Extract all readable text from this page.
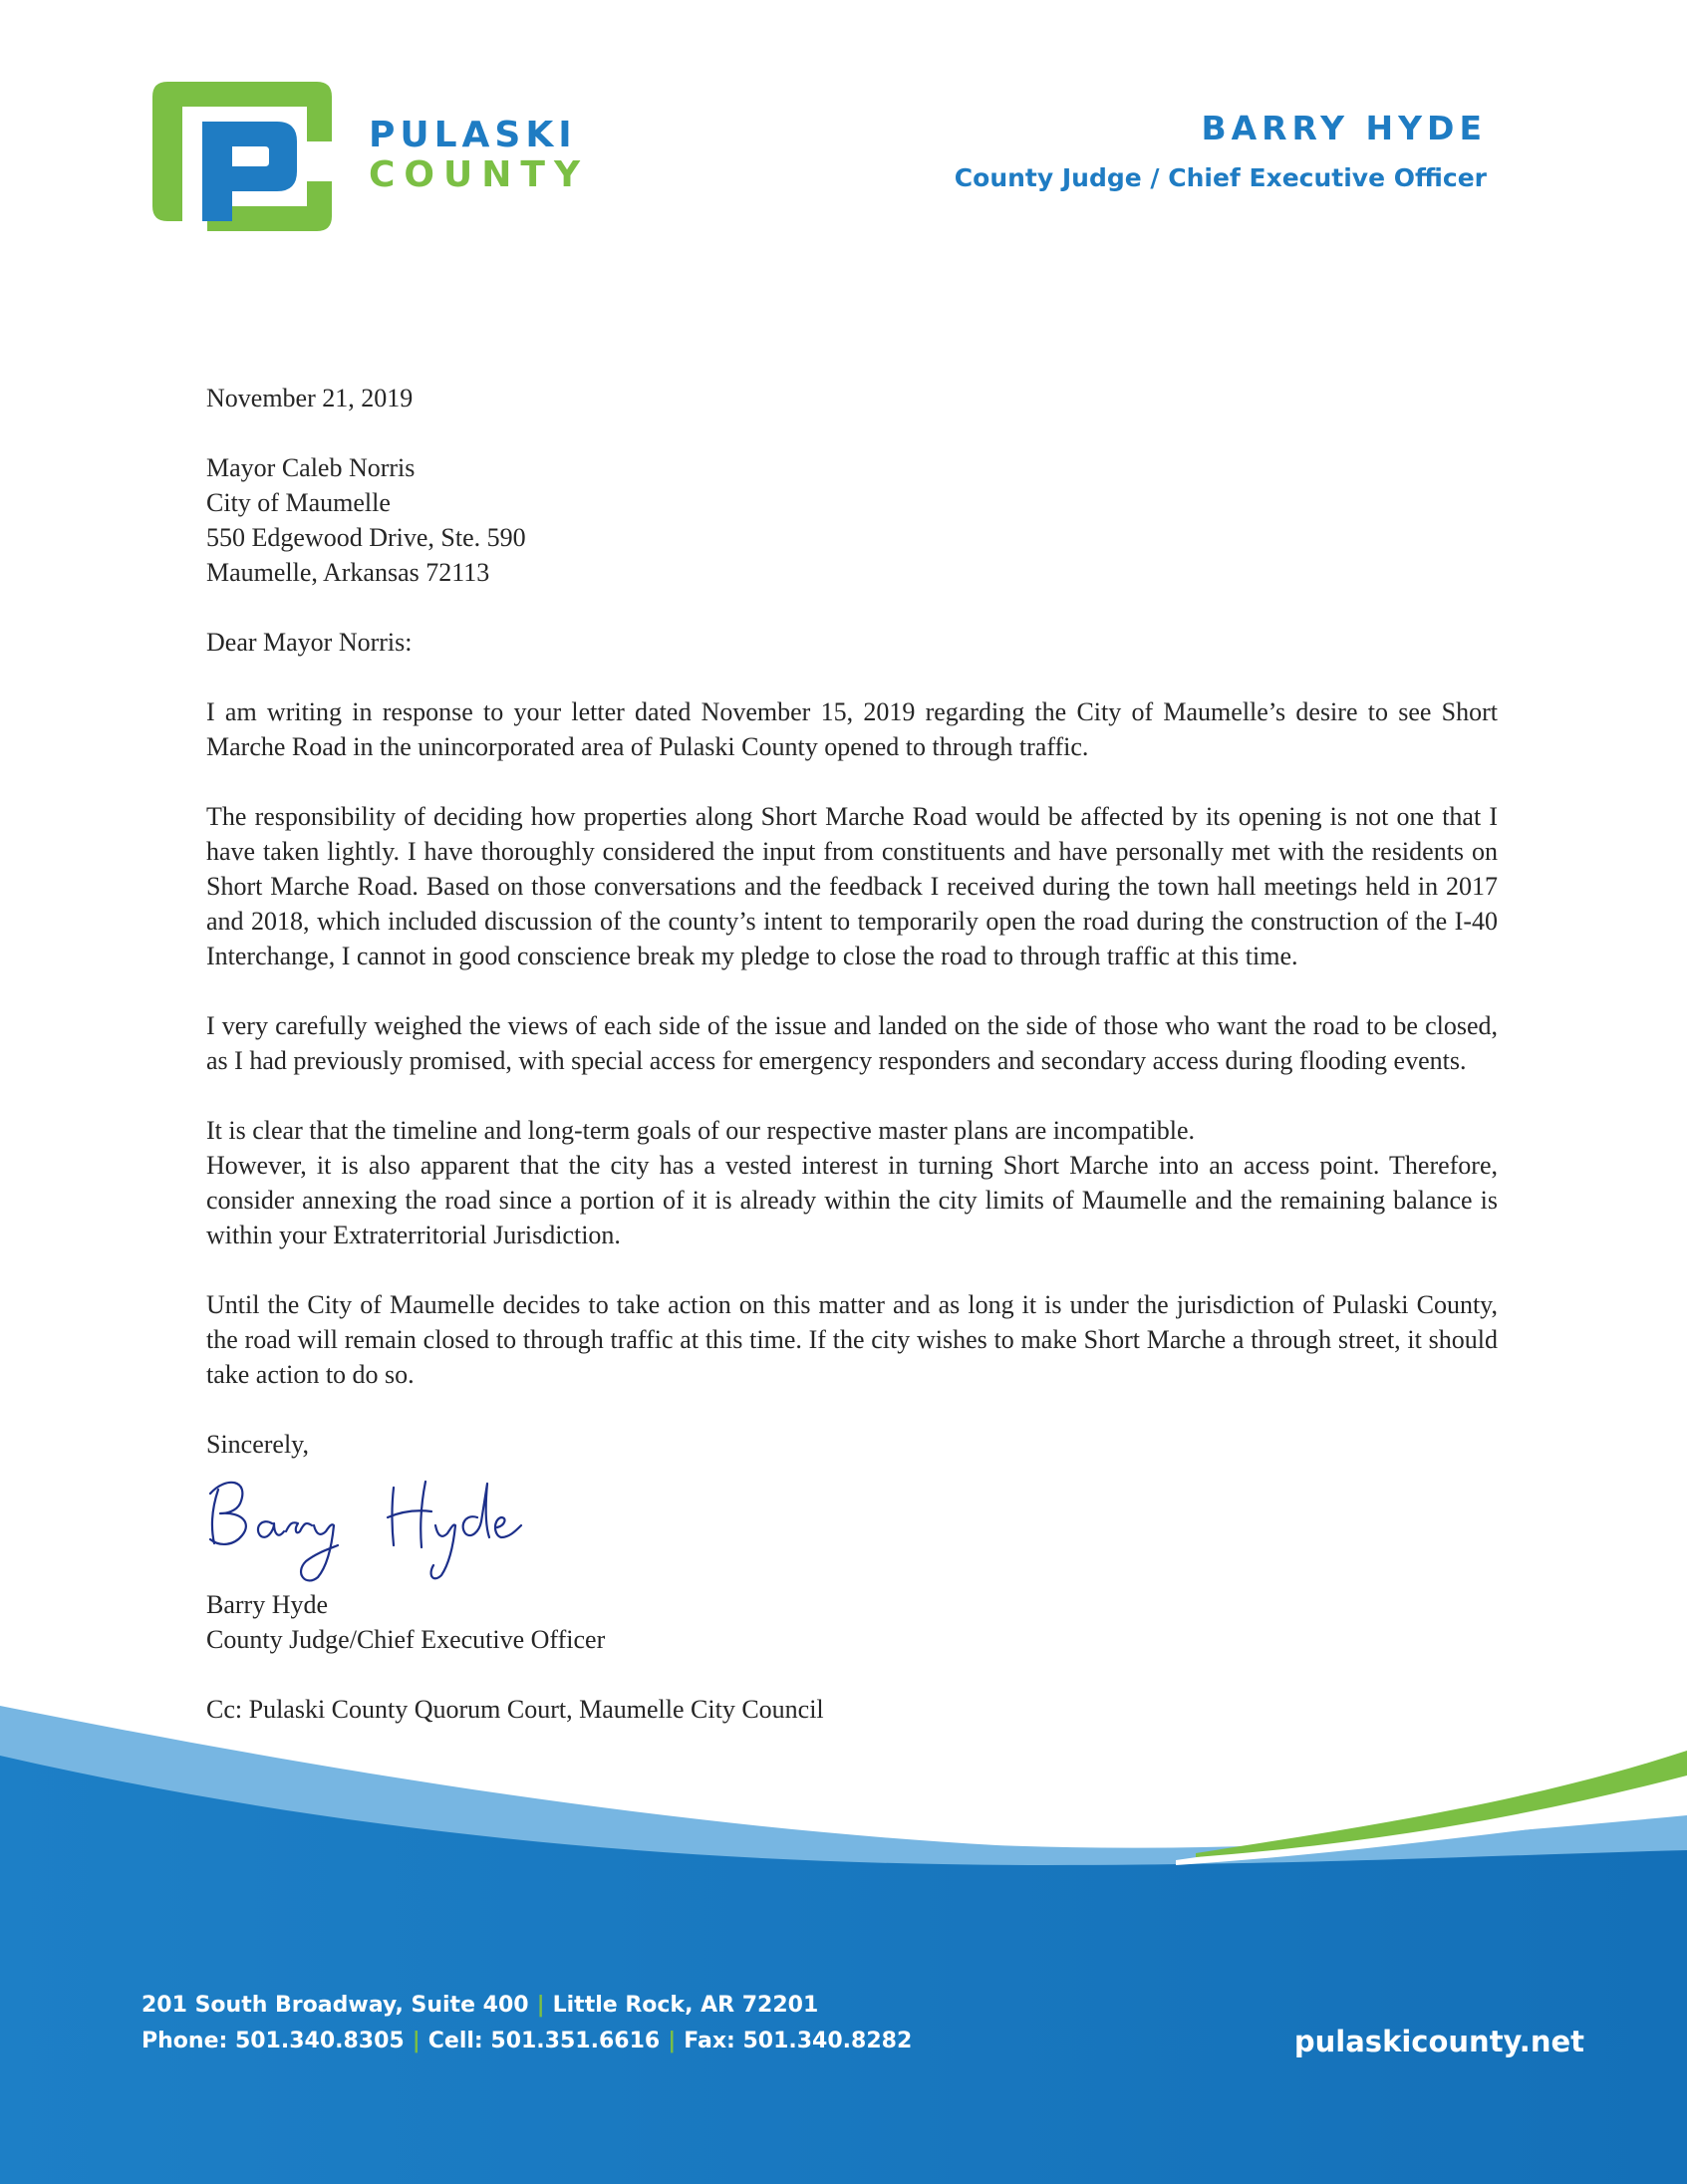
PULASKI
COUNTY
BARRY HYDE
County Judge / Chief Executive Officer

November 21, 2019

Mayor Caleb Norris

City of Maumelle

550 Edgewood Drive, Ste. 590

Maumelle, Arkansas 72113

Dear Mayor Norris:

I am writing in response to your letter dated November 15, 2019 regarding the City of Maumelle’s desire to see Short Marche Road in the unincorporated area of Pulaski County opened to through traffic.

The responsibility of deciding how properties along Short Marche Road would be affected by its opening is not one that I have taken lightly. I have thoroughly considered the input from constituents and have personally met with the residents on Short Marche Road. Based on those conversations and the feedback I received during the town hall meetings held in 2017 and 2018, which included discussion of the county’s intent to temporarily open the road during the construction of the I-40 Interchange, I cannot in good conscience break my pledge to close the road to through traffic at this time.

I very carefully weighed the views of each side of the issue and landed on the side of those who want the road to be closed, as I had previously promised, with special access for emergency responders and secondary access during flooding events.

It is clear that the timeline and long-term goals of our respective master plans are incompatible.

However, it is also apparent that the city has a vested interest in turning Short Marche into an access point. Therefore, consider annexing the road since a portion of it is already within the city limits of Maumelle and the remaining balance is within your Extraterritorial Jurisdiction.

Until the City of Maumelle decides to take action on this matter and as long it is under the jurisdiction of Pulaski County, the road will remain closed to through traffic at this time. If the city wishes to make Short Marche a through street, it should take action to do so.

Sincerely,

Barry Hyde

County Judge/Chief Executive Officer

Cc: Pulaski County Quorum Court, Maumelle City Council

201 South Broadway, Suite 400 | Little Rock, AR 72201
Phone: 501.340.8305 | Cell: 501.351.6616 | Fax: 501.340.8282	pulaskicounty.net
